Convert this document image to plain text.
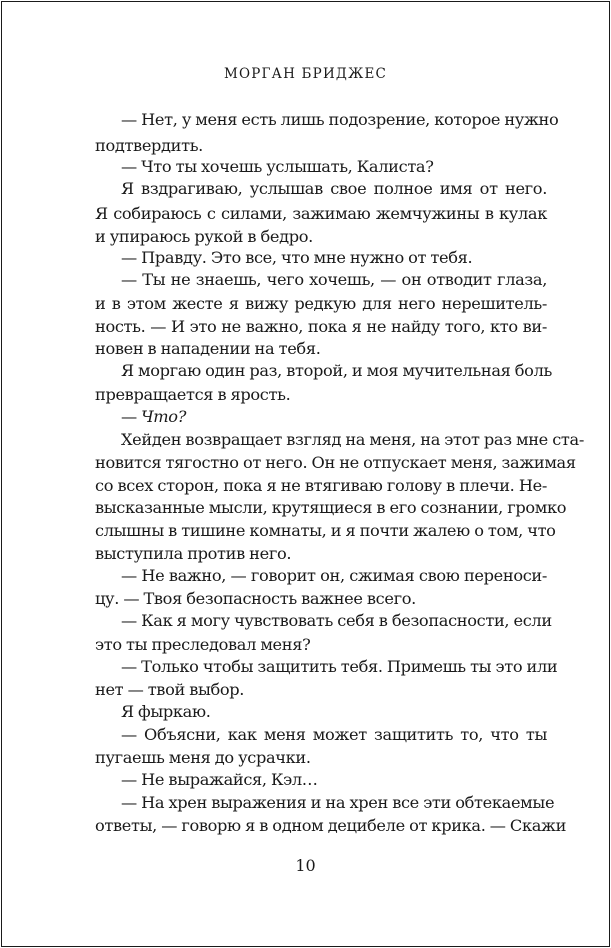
МОРГАН БРИДЖЕС
— Нет, у меня есть лишь подозрение, которое нужно
подтвердить.
— Что ты хочешь услышать, Калиста?
Я вздрагиваю, услышав свое полное имя от него.
Я собираюсь с силами, зажимаю жемчужины в кулак
и упираюсь рукой в бедро.
— Правду. Это все, что мне нужно от тебя.
— Ты не знаешь, чего хочешь, — он отводит глаза,
и в этом жесте я вижу редкую для него нерешитель-
ность. — И это не важно, пока я не найду того, кто ви-
новен в нападении на тебя.
Я моргаю один раз, второй, и моя мучительная боль
превращается в ярость.
— Что?
Хейден возвращает взгляд на меня, на этот раз мне ста-
новится тягостно от него. Он не отпускает меня, зажимая
со всех сторон, пока я не втягиваю голову в плечи. Не-
высказанные мысли, крутящиеся в его сознании, громко
слышны в тишине комнаты, и я почти жалею о том, что
выступила против него.
— Не важно, — говорит он, сжимая свою переноси-
цу. — Твоя безопасность важнее всего.
— Как я могу чувствовать себя в безопасности, если
это ты преследовал меня?
— Только чтобы защитить тебя. Примешь ты это или
нет — твой выбор.
Я фыркаю.
— Объясни, как меня может защитить то, что ты
пугаешь меня до усрачки.
— Не выражайся, Кэл…
— На хрен выражения и на хрен все эти обтекаемые
ответы, — говорю я в одном децибеле от крика. — Скажи
10
